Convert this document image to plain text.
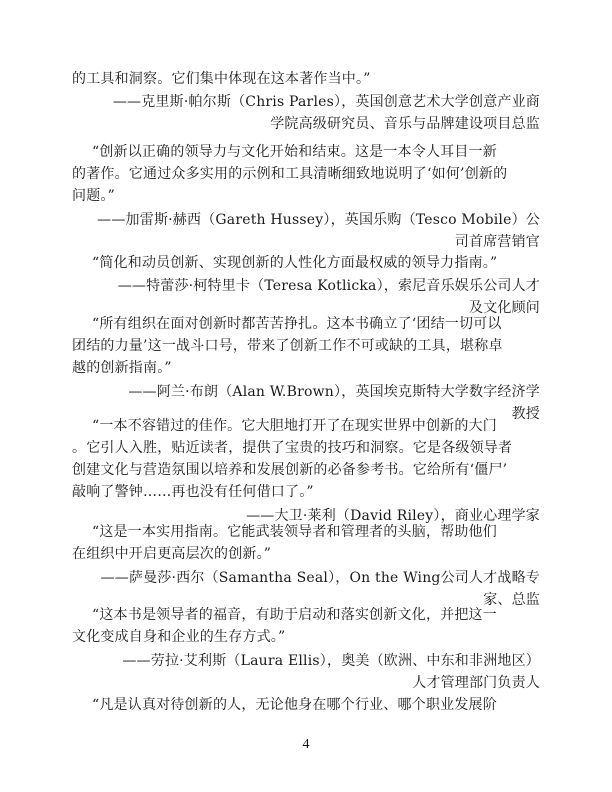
的工具和洞察。它们集中体现在这本著作当中。”
——克里斯·帕尔斯（Chris Parles），英国创意艺术大学创意产业商
学院高级研究员、音乐与品牌建设项目总监
“创新以正确的领导力与文化开始和结束。这是一本令人耳目一新
的著作。它通过众多实用的示例和工具清晰细致地说明了‘如何’创新的
问题。”
——加雷斯·赫西（Gareth Hussey），英国乐购（Tesco Mobile）公
司首席营销官
“简化和动员创新、实现创新的人性化方面最权威的领导力指南。”
——特蕾莎·柯特里卡（Teresa Kotlicka），索尼音乐娱乐公司人才
及文化顾问
“所有组织在面对创新时都苦苦挣扎。这本书确立了‘团结一切可以
团结的力量’这一战斗口号，带来了创新工作不可或缺的工具，堪称卓
越的创新指南。”
——阿兰·布朗（Alan W.Brown），英国埃克斯特大学数字经济学
教授
“一本不容错过的佳作。它大胆地打开了在现实世界中创新的大门
。它引人入胜，贴近读者，提供了宝贵的技巧和洞察。它是各级领导者
创建文化与营造氛围以培养和发展创新的必备参考书。它给所有‘僵尸’
敲响了警钟……再也没有任何借口了。”
——大卫·莱利（David Riley），商业心理学家
“这是一本实用指南。它能武装领导者和管理者的头脑，帮助他们
在组织中开启更高层次的创新。”
——萨曼莎·西尔（Samantha Seal），On the Wing公司人才战略专
家、总监
“这本书是领导者的福音，有助于启动和落实创新文化，并把这一
文化变成自身和企业的生存方式。”
——劳拉·艾利斯（Laura Ellis），奥美（欧洲、中东和非洲地区）
人才管理部门负责人
“凡是认真对待创新的人，无论他身在哪个行业、哪个职业发展阶
4
